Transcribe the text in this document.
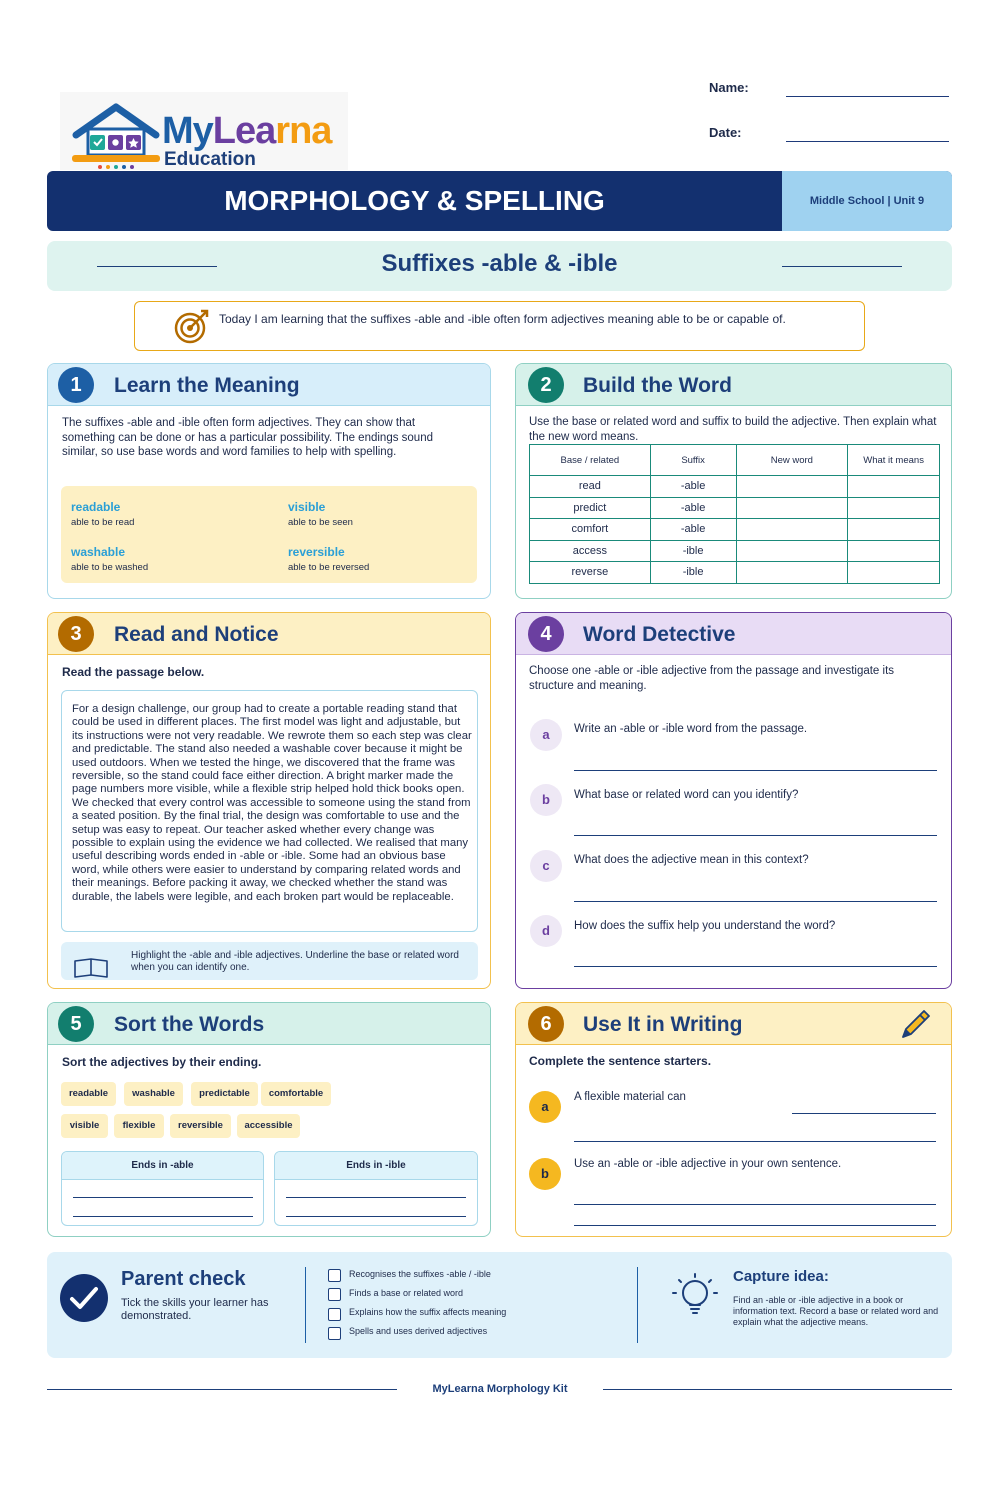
MyLearna
Education
Name:
Date:
MORPHOLOGY & SPELLING	Middle School | Unit 9
Suffixes -able & -ible
Today I am learning that the suffixes -able and -ible often form adjectives meaning able to be or capable of.
1	Learn the Meaning
The suffixes -able and -ible often form adjectives. They can show that something can be done or has a particular possibility. The endings sound similar, so use base words and word families to help with spelling.
readable
able to be read
visible
able to be seen
washable
able to be washed
reversible
able to be reversed
2	Build the Word
Use the base or related word and suffix to build the adjective. Then explain what the new word means.
Base / related	Suffix	New word	What it means
read	-able		
predict	-able		
comfort	-able		
access	-ible		
reverse	-ible		
3	Read and Notice
Read the passage below.
For a design challenge, our group had to create a portable reading stand that could be used in different places. The first model was light and adjustable, but its instructions were not very readable. We rewrote them so each step was clear and predictable. The stand also needed a washable cover because it might be used outdoors. When we tested the hinge, we discovered that the frame was reversible, so the stand could face either direction. A bright marker made the page numbers more visible, while a flexible strip helped hold thick books open. We checked that every control was accessible to someone using the stand from a seated position. By the final trial, the design was comfortable to use and the setup was easy to repeat. Our teacher asked whether every change was possible to explain using the evidence we had collected. We realised that many useful describing words ended in -able or -ible. Some had an obvious base word, while others were easier to understand by comparing related words and their meanings. Before packing it away, we checked whether the stand was durable, the labels were legible, and each broken part would be replaceable.
Highlight the -able and -ible adjectives. Underline the base or related word when you can identify one.
4	Word Detective
Choose one -able or -ible adjective from the passage and investigate its structure and meaning.
a	Write an -able or -ible word from the passage.
b	What base or related word can you identify?
c	What does the adjective mean in this context?
d	How does the suffix help you understand the word?
5	Sort the Words
Sort the adjectives by their ending.
readable	washable	predictable	comfortable
visible	flexible	reversible	accessible
Ends in -able	Ends in -ible
6	Use It in Writing
Complete the sentence starters.
a
A flexible material can
b
Use an -able or -ible adjective in your own sentence.
Parent check
Tick the skills your learner has demonstrated.
Recognises the suffixes -able / -ible
Finds a base or related word
Explains how the suffix affects meaning
Spells and uses derived adjectives
Capture idea:
Find an -able or -ible adjective in a book or information text. Record a base or related word and explain what the adjective means.
MyLearna Morphology Kit
